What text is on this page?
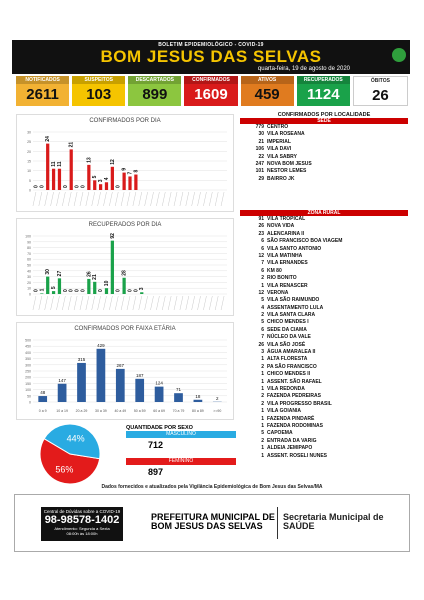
BOLETIM EPIDEMIOLÓGICO - COVID-19
BOM JESUS DAS SELVAS
quarta-feira, 19 de agosto de 2020
NOTIFICADOS
2611
SUSPEITOS
103
DESCARTADOS
899
CONFIRMADOS
1609
ATIVOS
459
RECUPERADOS
1124
ÓBITOS
26
CONFIRMADOS POR DIA
0
5
10
15
20
25
30
0 0
24
11 11
0
21
0 0
13
5
3
4
12
0
9
7
8
RECUPERADOS POR DIA
0
10
20
30
40
50
60
70
80
90
100
0 1
30
5
27
0 0 0 0
26
21
0
10
92
0
28
0 0
3
CONFIRMADOS POR FAIXA ETÁRIA
0
50
100
150
200
250
300
350
400
450
500
48
0 a 9
147
10 a 19
315
20 a 29
429
30 a 39
267
40 a 49
187
50 a 59
124
60 a 69
71
70 a 79
18
80 a 89
2
>=90
56%
44%
QUANTIDADE POR SEXO
MASCULINO
712
FEMININO
897
CONFIRMADOS POR LOCALIDADE
SEDE
779 CENTRO
30 VILA ROSEANA
21 IMPERIAL
106 VILA DAVI
22 VILA SABRY
247 NOVA BOM JESUS
101 NESTOR LEMES
29 BAIRRO JK
ZONA RURAL
91 VILA TROPICAL
26 NOVA VIDA
23 ALENCARINA II
6 SÃO FRANCISCO BOA VIAGEM
6 VILA SANTO ANTONIO
12 VILA MATINHA
7 VILA ERNANDES
6 KM 80
2 RIO BONITO
1 VILA RENASCER
12 VERONA
5 VILA SÃO RAIMUNDO
4 ASSENTAMENTO LULA
2 VILA SANTA CLARA
5 CHICO MENDES I
6 SEDE DA CIAMA
7 NÚCLEO DA VALE
26 VILA SÃO JOSÉ
3 ÁGUA AMARALEA II
1 ALTA FLORESTA
2 PA SÃO FRANCISCO
1 CHICO MENDES II
1 ASSENT. SÃO RAFAEL
1 VILA REDONDA
2 FAZENDA PEDREIRAS
2 VILA PROGRESSO BRASIL
1 VILA GOIANIA
1 FAZENDA PINDARÉ
1 FAZENDA RODOMINAS
5 CAPOEMA
2 ENTRADA DA VARIG
1 ALDEIA JEMIPAPO
1 ASSENT. ROSELI NUNES
Dados fornecidos e atualizados pela Vigilância Epidemiológica de Bom Jesus das Selvas/MA
Central de Dúvidas sobre a COVID-19
98-98578-1402
Atendimento: Segunda a Sexta
08:00h às 18:00h
PREFEITURA MUNICIPAL DE
BOM JESUS DAS SELVAS
Secretaria Municipal de
SAÚDE
